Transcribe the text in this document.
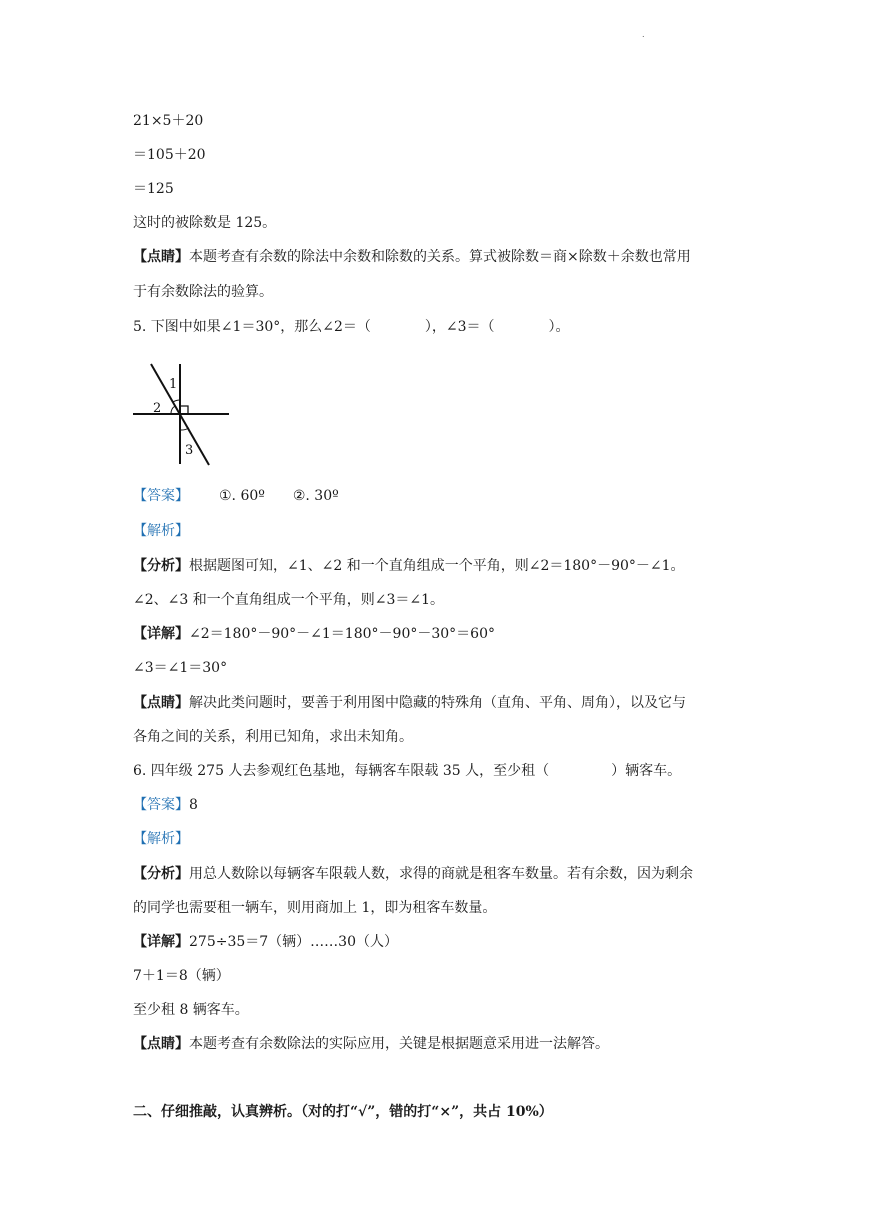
.
21×5＋20
＝105＋20
＝125
这时的被除数是 125。
【点睛】本题考查有余数的除法中余数和除数的关系。算式被除数＝商×除数＋余数也常用
于有余数除法的验算。
5. 下图中如果∠1＝30°，那么∠2＝（	），∠3＝（	）。
1
2
3
【答案】 ①. 60º ②. 30º
【解析】
【分析】根据题图可知，∠1、∠2 和一个直角组成一个平角，则∠2＝180°－90°－∠1。
∠2、∠3 和一个直角组成一个平角，则∠3＝∠1。
【详解】∠2＝180°－90°－∠1＝180°－90°－30°＝60°
∠3＝∠1＝30°
【点睛】解决此类问题时，要善于利用图中隐藏的特殊角（直角、平角、周角），以及它与
各角之间的关系，利用已知角，求出未知角。
6. 四年级 275 人去参观红色基地，每辆客车限载 35 人，至少租（	）辆客车。
【答案】8
【解析】
【分析】用总人数除以每辆客车限载人数，求得的商就是租客车数量。若有余数，因为剩余
的同学也需要租一辆车，则用商加上 1，即为租客车数量。
【详解】275÷35＝7（辆）……30（人）
7＋1＝8（辆）
至少租 8 辆客车。
【点睛】本题考查有余数除法的实际应用，关键是根据题意采用进一法解答。
二、仔细推敲，认真辨析。（对的打“√”，错的打“×”，共占 10%）
